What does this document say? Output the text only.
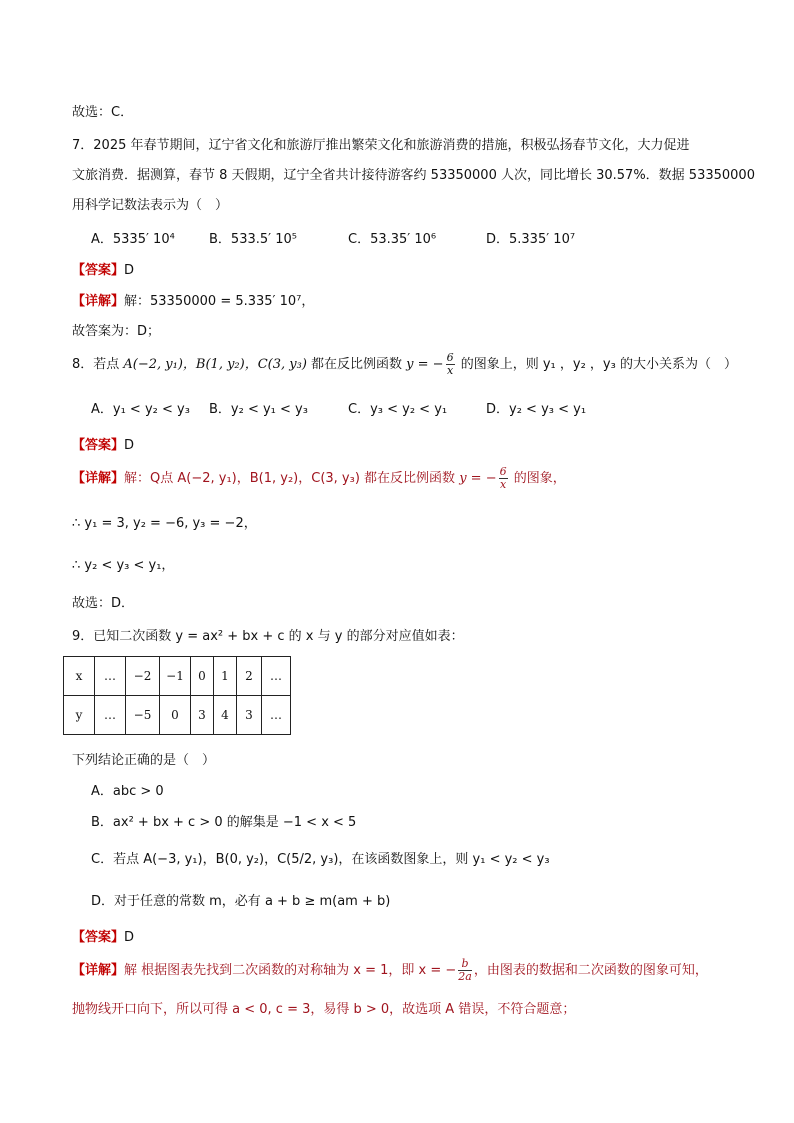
故选：C．
7．2025 年春节期间，辽宁省文化和旅游厅推出繁荣文化和旅游消费的措施，积极弘扬春节文化，大力促进
文旅消费．据测算，春节 8 天假期，辽宁全省共计接待游客约 53350000 人次，同比增长 30.57%．数据 53350000
用科学记数法表示为（　）
A．5335′ 10⁴	B．533.5′ 10⁵	C．53.35′ 10⁶	D．5.335′ 10⁷
【答案】D
【详解】解：53350000 = 5.335′ 10⁷，
故答案为：D；
8．若点 A(−2, y₁)，B(1, y₂)，C(3, y₃) 都在反比例函数 y = − $\frac{6}{x}$ 的图象上，则 y₁ ，y₂ ，y₃ 的大小关系为（　）
A．y₁ < y₂ < y₃ B．y₂ < y₁ < y₃	C．y₃ < y₂ < y₁	D．y₂ < y₃ < y₁
【答案】D
【详解】解：Q点 A(−2, y₁)，B(1, y₂)，C(3, y₃) 都在反比例函数 y = − $\frac{6}{x}$ 的图象，
∴ y₁ = 3, y₂ = −6, y₃ = −2，
∴ y₂ < y₃ < y₁，
故选：D．
9．已知二次函数 y = ax² + bx + c 的 x 与 y 的部分对应值如表：
x	…	−2	−1	0	1	2	…
y	…	−5	0	3	4	3	…
下列结论正确的是（　）
A．abc > 0
B．ax² + bx + c > 0 的解集是 −1 < x < 5
C．若点 A(−3, y₁)，B(0, y₂)，C(5/2, y₃)，在该函数图象上，则 y₁ < y₂ < y₃
D．对于任意的常数 m，必有 a + b ≥ m(am + b)
【答案】D
【详解】解 根据图表先找到二次函数的对称轴为 x = 1，即 x = − $\frac{b}{2a}$ ，由图表的数据和二次函数的图象可知，
抛物线开口向下，所以可得 a < 0, c = 3，易得 b > 0，故选项 A 错误，不符合题意；
